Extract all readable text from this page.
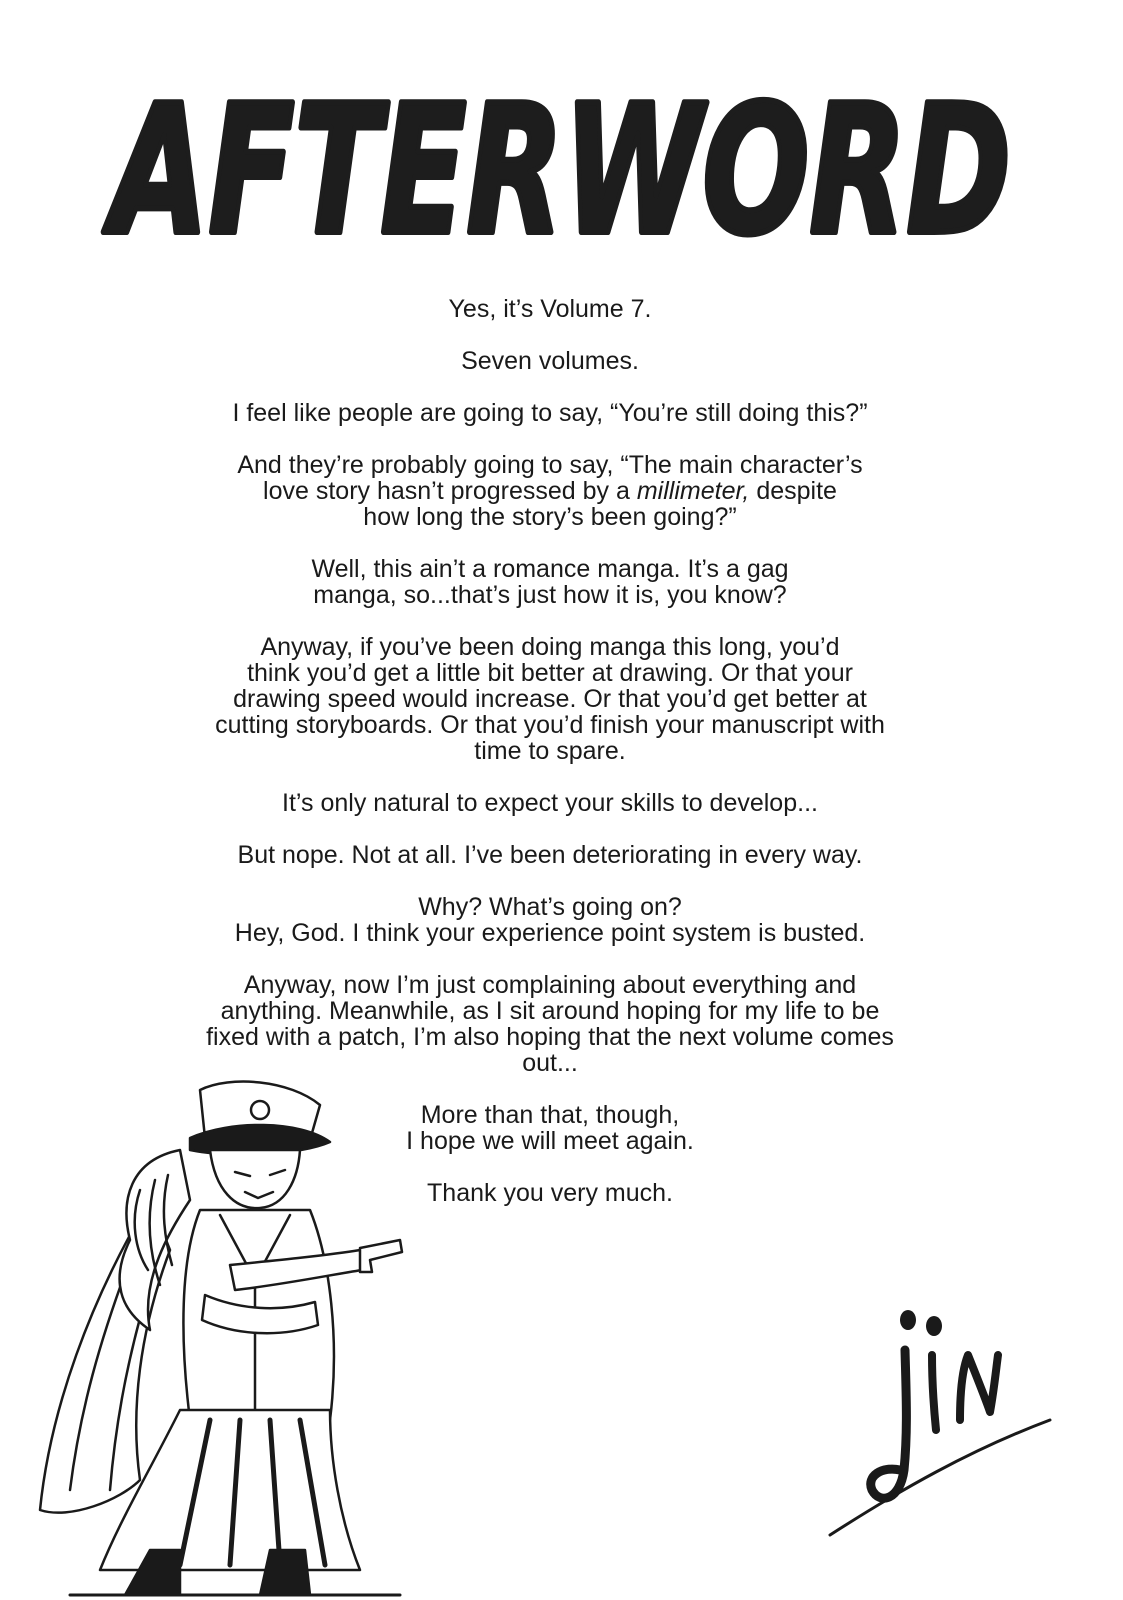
AFTERWORD

Yes, it’s Volume 7.

Seven volumes.

I feel like people are going to say, “You’re still doing this?”

And they’re probably going to say, “The main character’s
love story hasn’t progressed by a millimeter, despite
how long the story’s been going?”

Well, this ain’t a romance manga. It’s a gag
manga, so...that’s just how it is, you know?

Anyway, if you’ve been doing manga this long, you’d
think you’d get a little bit better at drawing. Or that your
drawing speed would increase. Or that you’d get better at
cutting storyboards. Or that you’d finish your manuscript with
time to spare.

It’s only natural to expect your skills to develop...

But nope. Not at all. I’ve been deteriorating in every way.

Why? What’s going on?
Hey, God. I think your experience point system is busted.

Anyway, now I’m just complaining about everything and
anything. Meanwhile, as I sit around hoping for my life to be
fixed with a patch, I’m also hoping that the next volume comes
out...

More than that, though,
I hope we will meet again.

Thank you very much.
